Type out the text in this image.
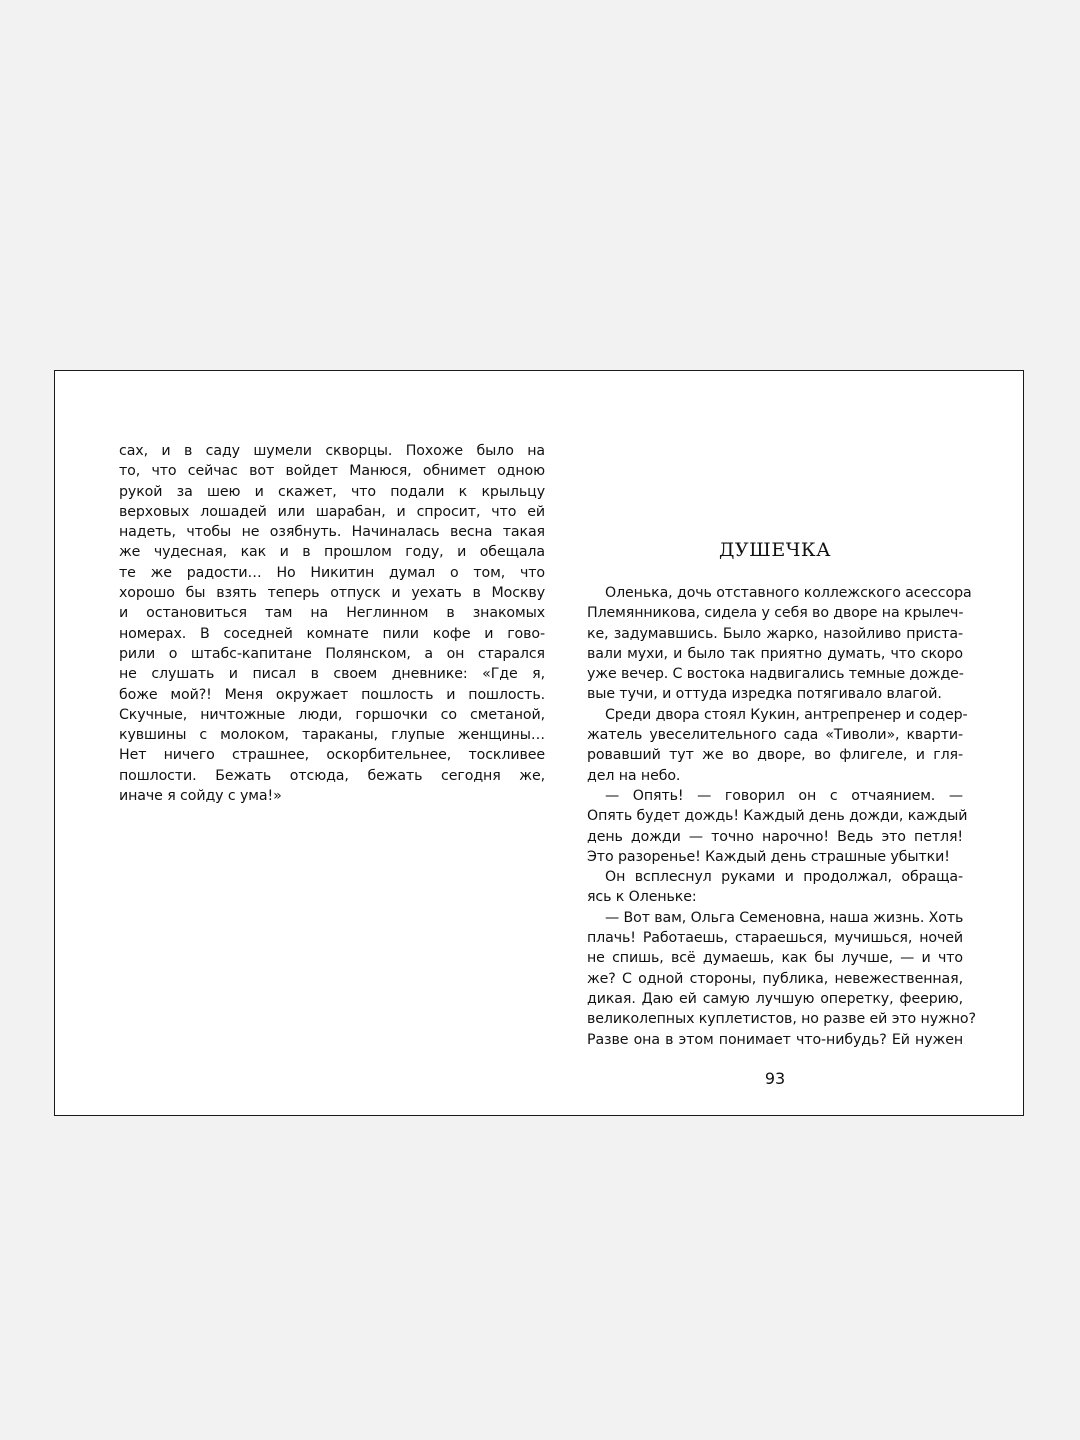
сах, и в саду шумели скворцы. Похоже было на
то, что сейчас вот войдет Манюся, обнимет одною
рукой за шею и скажет, что подали к крыльцу
верховых лошадей или шарабан, и спросит, что ей
надеть, чтобы не озябнуть. Начиналась весна такая
же чудесная, как и в прошлом году, и обещала
те же радости… Но Никитин думал о том, что
хорошо бы взять теперь отпуск и уехать в Москву
и остановиться там на Неглинном в знакомых
номерах. В соседней комнате пили кофе и гово-
рили о штабс-капитане Полянском, а он старался
не слушать и писал в своем дневнике: «Где я,
боже мой?! Меня окружает пошлость и пошлость.
Скучные, ничтожные люди, горшочки со сметаной,
кувшины с молоком, тараканы, глупые женщины…
Нет ничего страшнее, оскорбительнее, тоскливее
пошлости. Бежать отсюда, бежать сегодня же,
иначе я сойду с ума!»
ДУШЕЧКА
Оленька, дочь отставного коллежского асессора
Племянникова, сидела у себя во дворе на крылеч-
ке, задумавшись. Было жарко, назойливо приста-
вали мухи, и было так приятно думать, что скоро
уже вечер. С востока надвигались темные дожде-
вые тучи, и оттуда изредка потягивало влагой.
Среди двора стоял Кукин, антрепренер и содер-
жатель увеселительного сада «Тиволи», кварти-
ровавший тут же во дворе, во флигеле, и гля-
дел на небо.
— Опять! — говорил он с отчаянием. —
Опять будет дождь! Каждый день дожди, каждый
день дожди — точно нарочно! Ведь это петля!
Это разоренье! Каждый день страшные убытки!
Он всплеснул руками и продолжал, обраща-
ясь к Оленьке:
— Вот вам, Ольга Семеновна, наша жизнь. Хоть
плачь! Работаешь, стараешься, мучишься, ночей
не спишь, всё думаешь, как бы лучше, — и что
же? С одной стороны, публика, невежественная,
дикая. Даю ей самую лучшую оперетку, феерию,
великолепных куплетистов, но разве ей это нужно?
Разве она в этом понимает что-нибудь? Ей нужен
93
